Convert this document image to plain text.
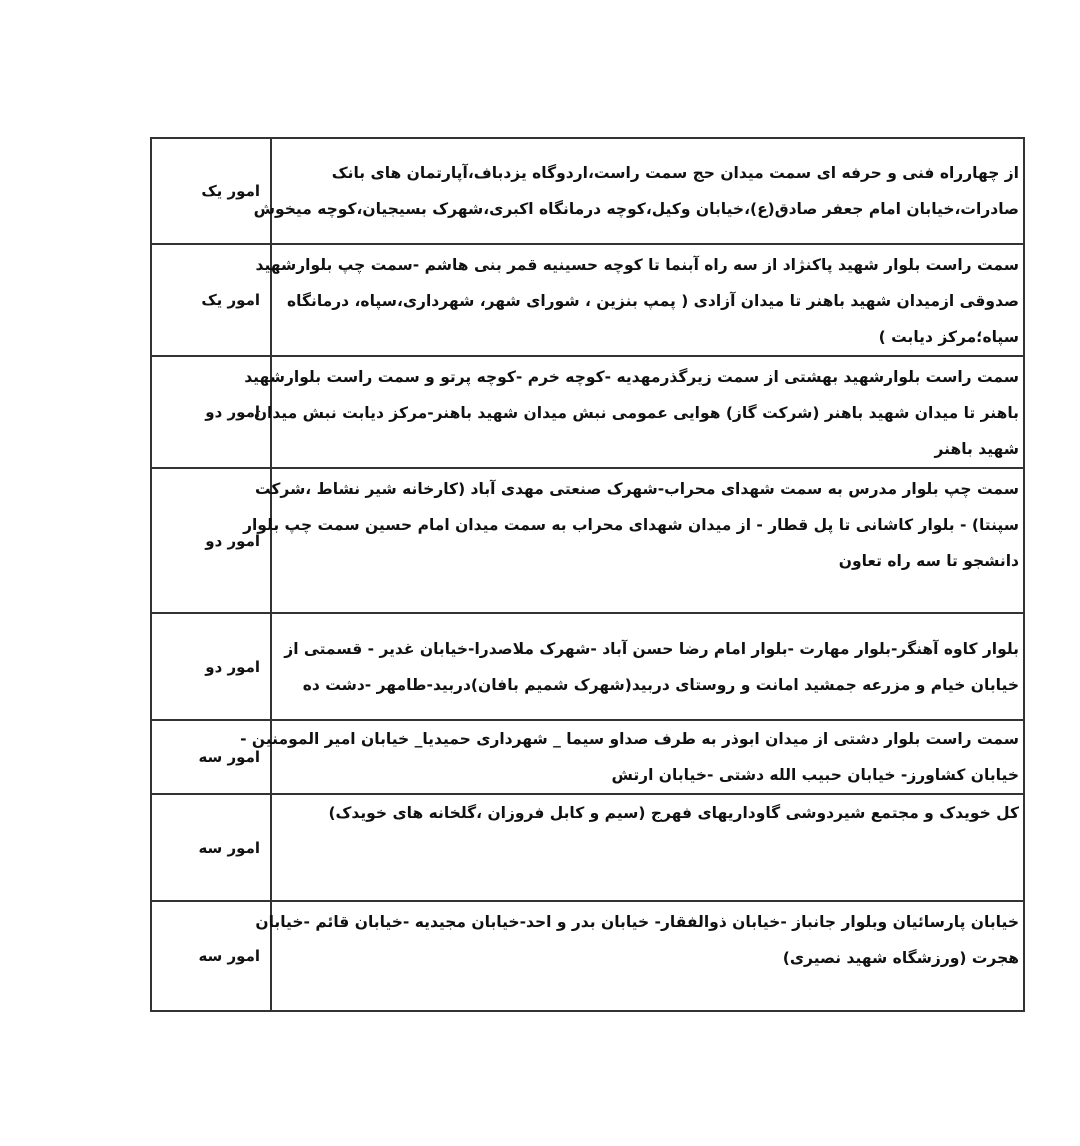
از چهارراه فنی و حرفه ای سمت میدان حج سمت راست،اردوگاه یزدباف،آپارتمان های بانک
صادرات،خیابان امام جعفر صادق(ع)،خیابان وکیل،کوچه درمانگاه اکبری،شهرک بسیجیان،کوچه میخوش	امور یک

سمت راست بلوار شهید پاکنژاد از سه راه آبنما تا کوچه حسینیه قمر بنی هاشم -سمت چپ بلوارشهید
صدوقی ازمیدان شهید باهنر تا میدان آزادی ( پمپ بنزین ، شورای شهر، شهرداری،سپاه، درمانگاه
سپاه؛مرکز دیابت )	امور یک

سمت راست بلوارشهید بهشتی از سمت زیرگذرمهدیه -کوچه خرم -کوچه پرتو و سمت راست بلوارشهید
باهنر تا میدان شهید باهنر (شرکت گاز) هوایی عمومی نبش میدان شهید باهنر-مرکز دیابت نبش میدان
شهید باهنر	امور دو

سمت چپ بلوار مدرس به سمت شهدای محراب-شهرک صنعتی مهدی آباد (کارخانه شیر نشاط ،شرکت
سپنتا) - بلوار کاشانی تا پل قطار - از میدان شهدای محراب به سمت میدان امام حسین سمت چپ بلوار
دانشجو تا سه راه تعاون	امور دو

بلوار کاوه آهنگر-بلوار مهارت -بلوار امام رضا حسن آباد -شهرک ملاصدرا-خیابان غدیر - قسمتی از
خیابان خیام و مزرعه جمشید امانت و روستای دربید(شهرک شمیم بافان)دربید-طامهر -دشت ده	امور دو

سمت راست بلوار دشتی از میدان ابوذر به طرف صداو سیما _ شهرداری حمیدیا_ خیابان امیر المومنین -
خیابان کشاورز- خیابان حبیب الله دشتی -خیابان ارتش	امور سه

کل خویدک و مجتمع شیردوشی گاوداریهای فهرج (سیم و کابل فروزان ،گلخانه های خویدک)	امور سه

خیابان پارسائیان وبلوار جانباز -خیابان ذوالفقار- خیابان بدر و احد-خیابان مجیدیه -خیابان قائم -خیابان
هجرت (ورزشگاه شهید نصیری)	امور سه
